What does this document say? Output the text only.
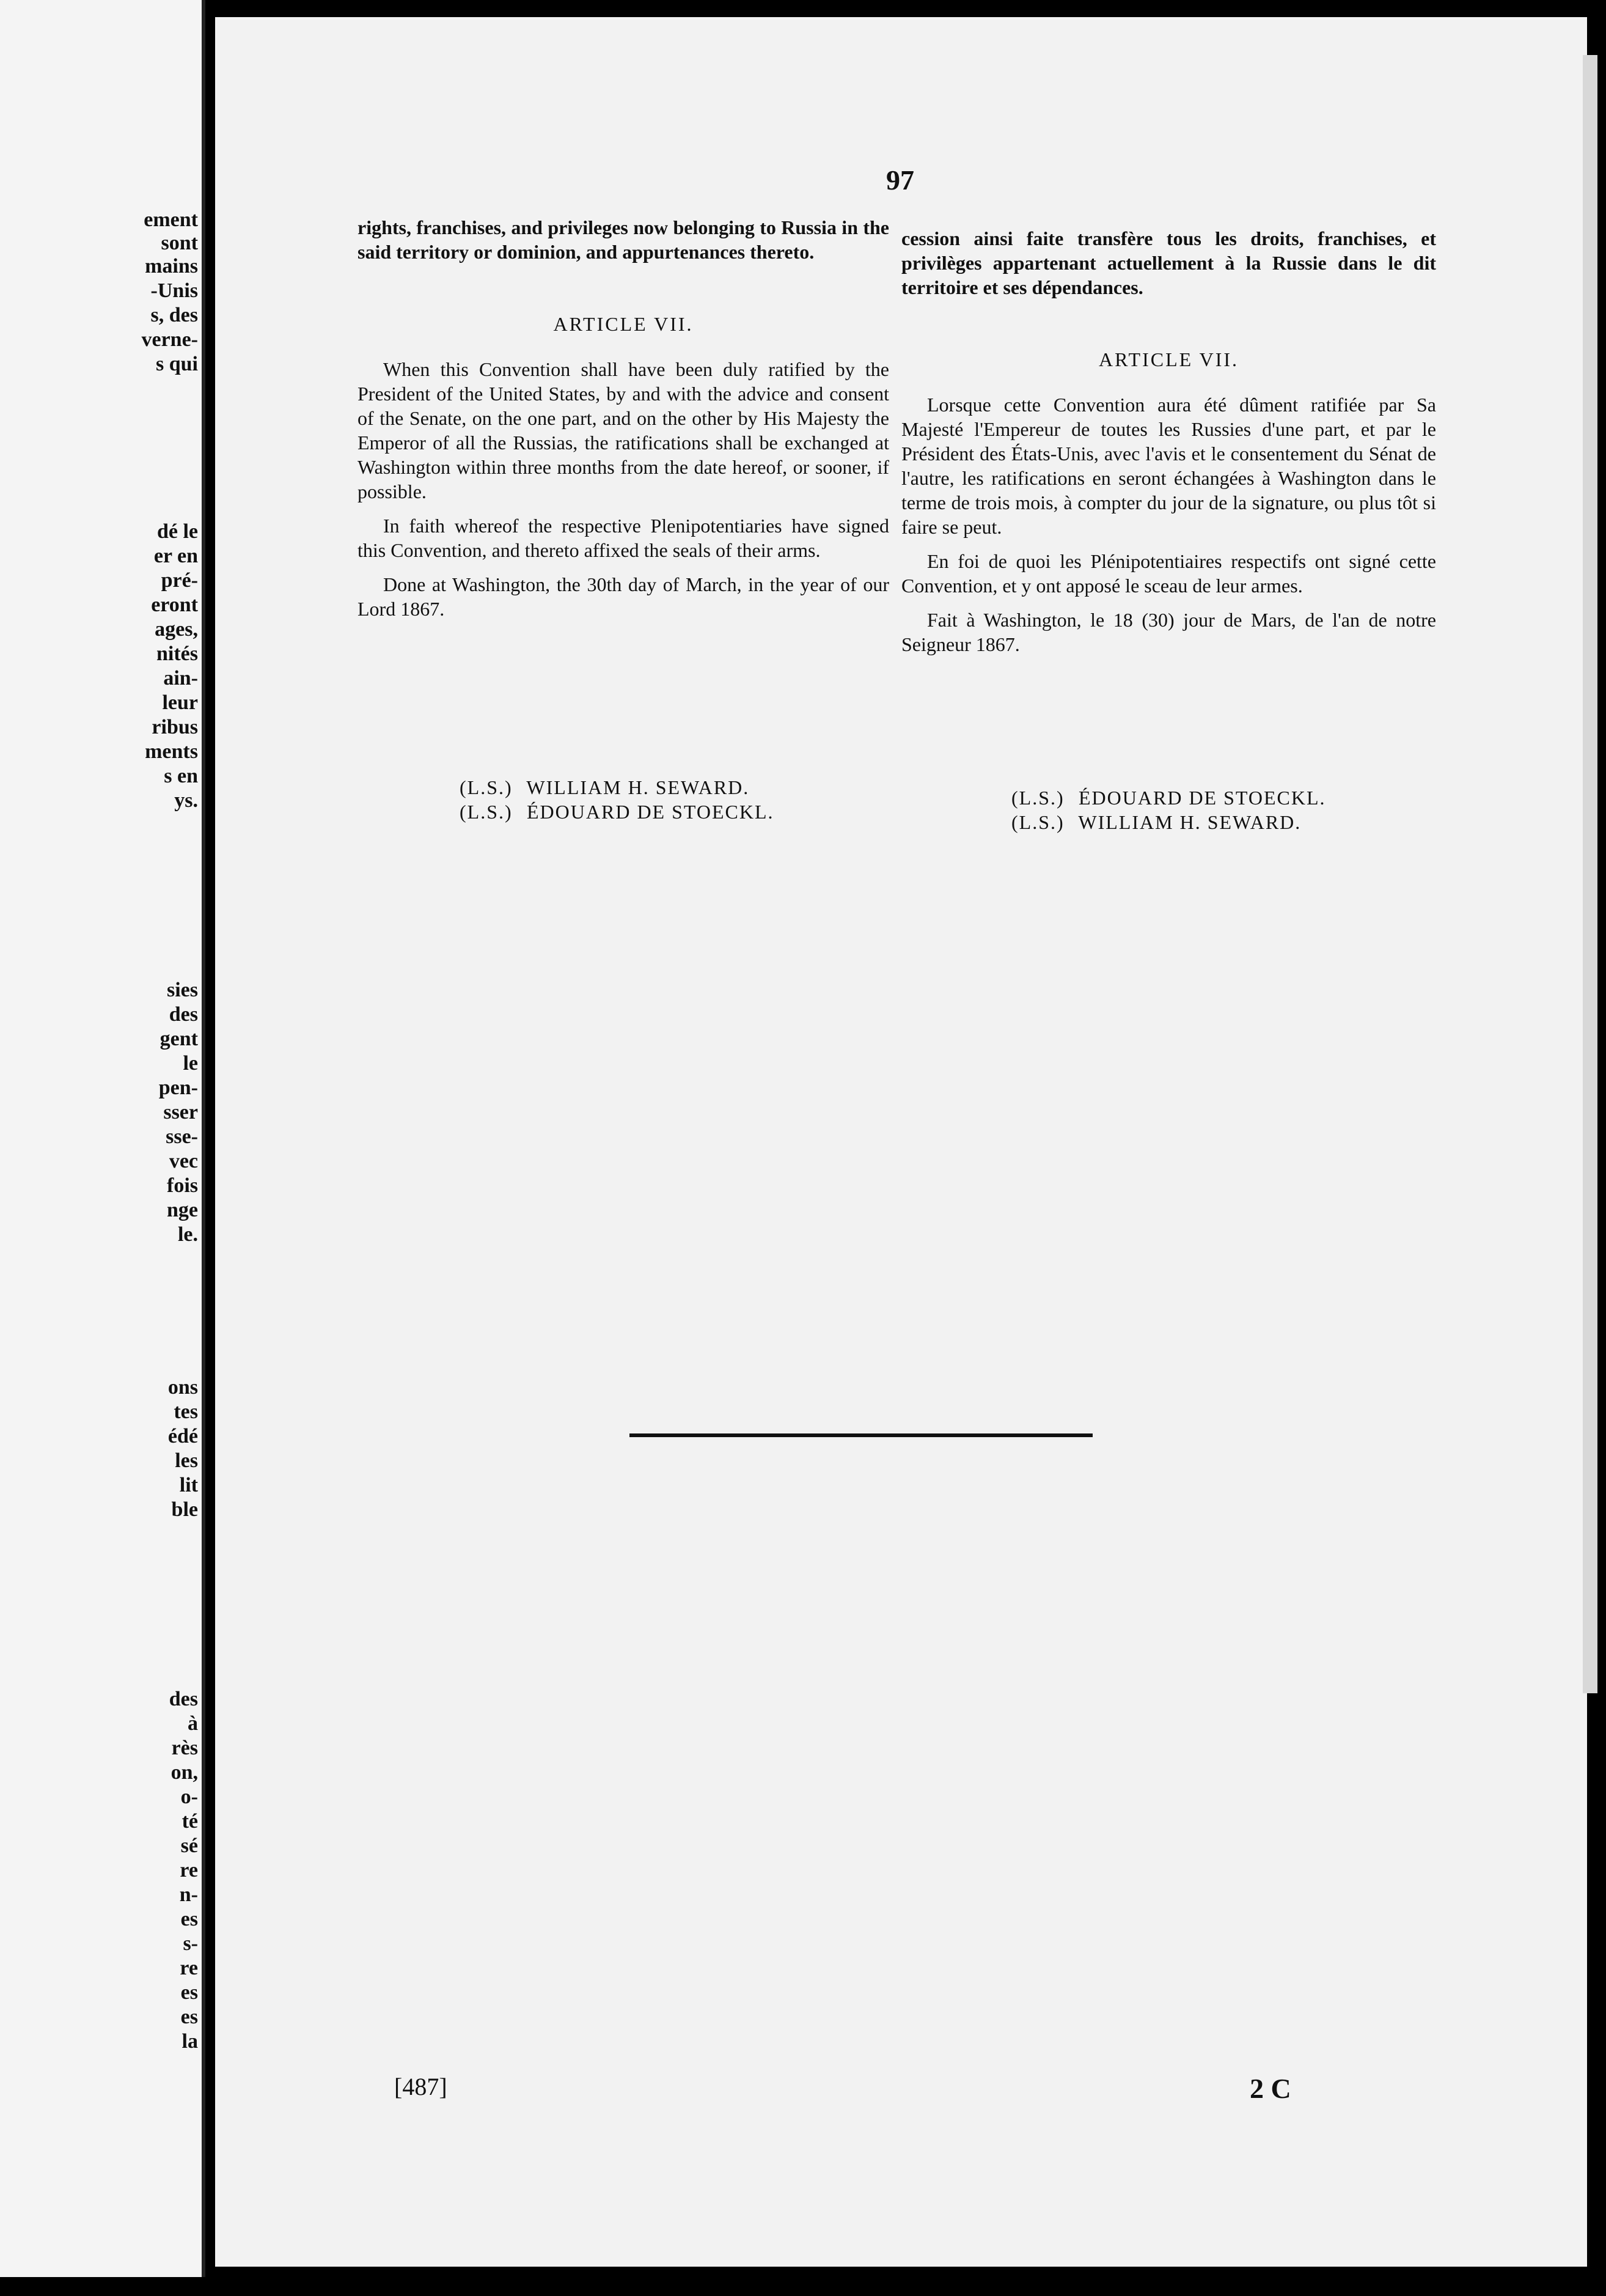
ement
sont
mains
-Unis
s, des
verne-
s qui
dé le
er en
pré-
eront
ages,
nités
ain-
leur
ribus
ments
s en
ys.
sies
des
gent
le
pen-
sser
sse-
vec
fois
nge
le.
ons
tes
édé
les
lit
ble
des
à
rès
on,
o-
té
sé
re
n-
es
s-
re
es
es
la
97

rights, franchises, and privileges now belonging to Russia in the said territory or dominion, and appurtenances thereto.

ARTICLE VII.

When this Convention shall have been duly ratified by the President of the United States, by and with the advice and consent of the Senate, on the one part, and on the other by His Majesty the Emperor of all the Russias, the ratifications shall be exchanged at Washington within three months from the date hereof, or sooner, if possible.

In faith whereof the respective Plenipotentiaries have signed this Convention, and thereto affixed the seals of their arms.

Done at Washington, the 30th day of March, in the year of our Lord 1867.

(L.S.) WILLIAM H. SEWARD.
(L.S.) ÉDOUARD DE STOECKL.

cession ainsi faite transfère tous les droits, franchises, et privilèges appartenant actuellement à la Russie dans le dit territoire et ses dépendances.

ARTICLE VII.

Lorsque cette Convention aura été dûment ratifiée par Sa Majesté l'Empereur de toutes les Russies d'une part, et par le Président des États-Unis, avec l'avis et le consentement du Sénat de l'autre, les ratifications en seront échangées à Washington dans le terme de trois mois, à compter du jour de la signature, ou plus tôt si faire se peut.

En foi de quoi les Plénipotentiaires respectifs ont signé cette Convention, et y ont apposé le sceau de leur armes.

Fait à Washington, le 18 (30) jour de Mars, de l'an de notre Seigneur 1867.

(L.S.) ÉDOUARD DE STOECKL.
(L.S.) WILLIAM H. SEWARD.
[487]	2 C
